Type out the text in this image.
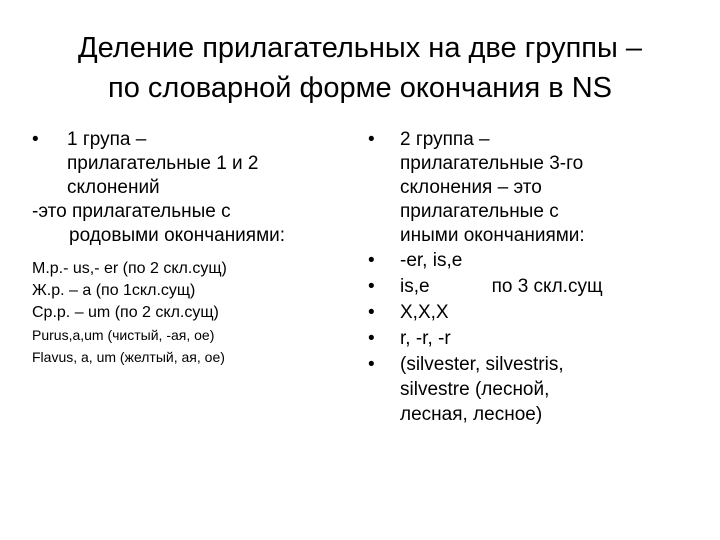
Деление прилагательных на две группы –
по словарной форме окончания в NS
•	1 група –
прилагательные 1 и 2
склонений
-это прилагательные с
родовыми окончаниями:
М.р.- us,- er (по 2 скл.сущ)
Ж.р. – a (по 1скл.сущ)
Ср.р. – um (по 2 скл.сущ)
Purus,a,um (чистый, -ая, ое)
Flavus, a, um (желтый, ая, ое)
•	2 группа –
прилагательные 3-го
склонения – это
прилагательные с
иными окончаниями:
• -er, is,e
• is,e	по 3 скл.сущ
• X,X,X
• r, -r, -r
•	(silvester, silvestris,
silvestre (лесной,
лесная, лесное)
